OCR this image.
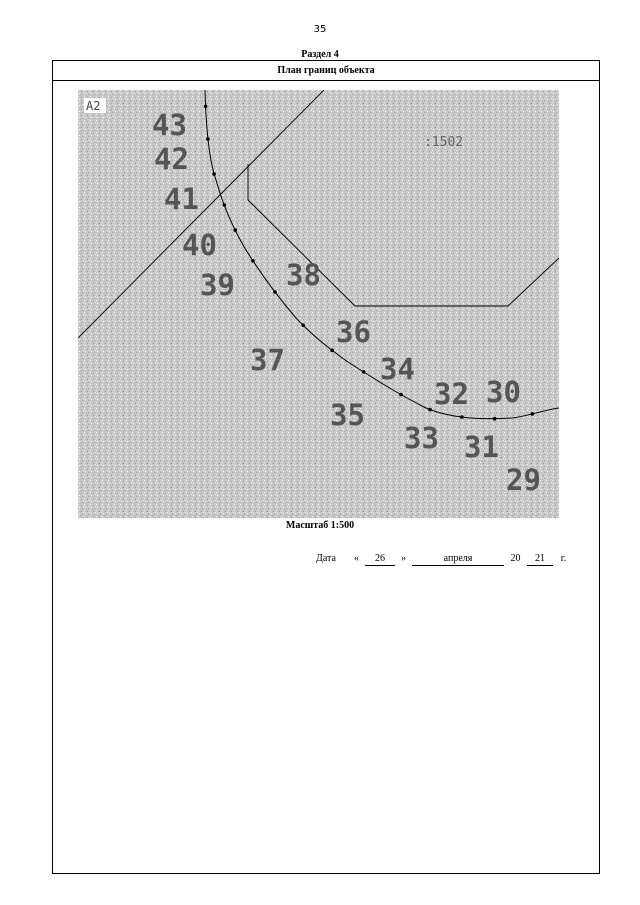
35
Раздел 4
План границ объекта
А2
:1502
43
42
41
40
39 38
37
36
35
34
33
32
31
30
29
Масштаб 1:500
Дата « 26 »	апреля	20 21 г.
